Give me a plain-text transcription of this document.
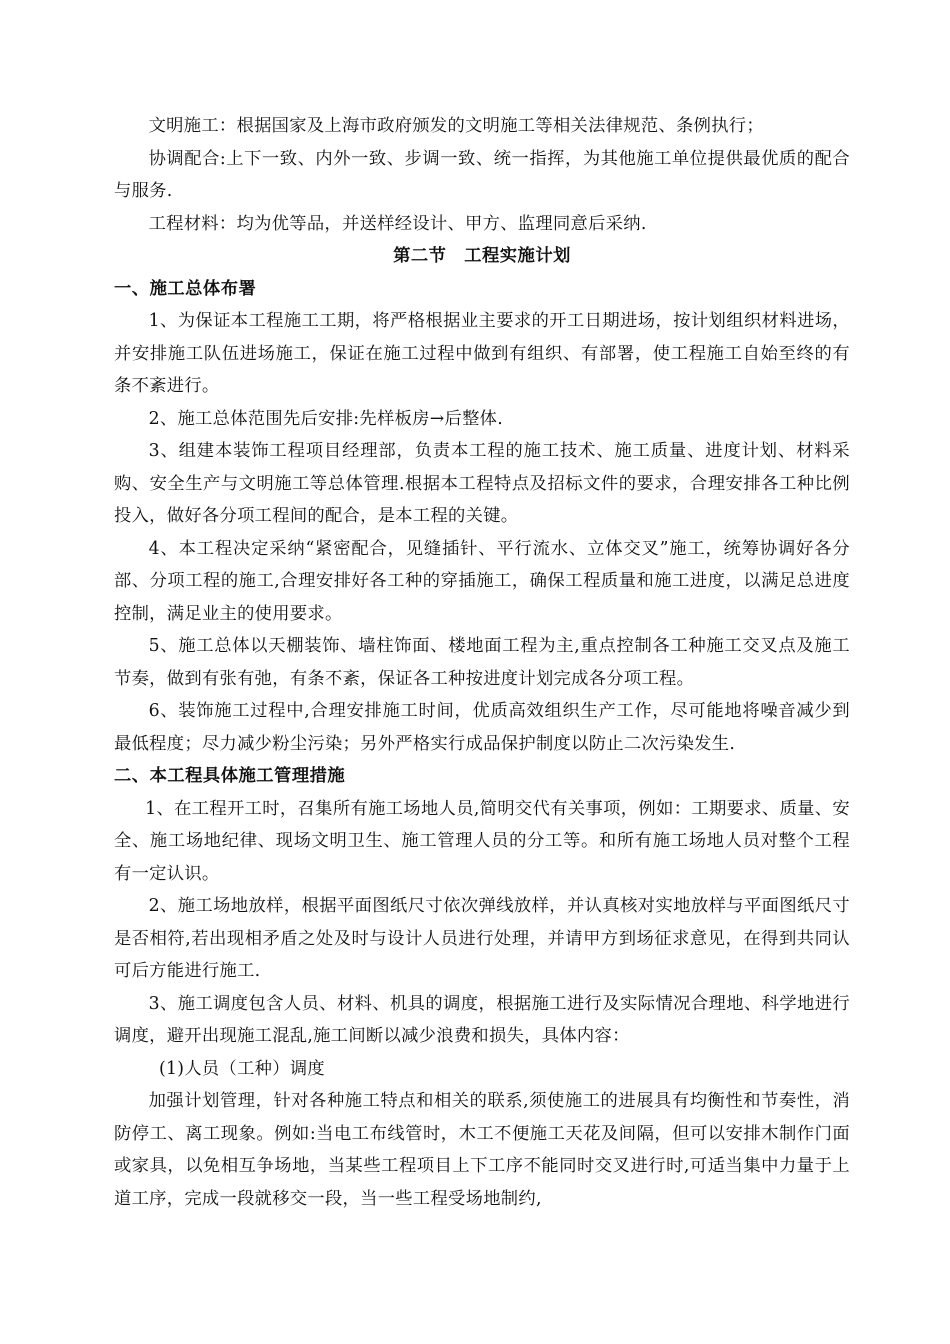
文明施工：根据国家及上海市政府颁发的文明施工等相关法律规范、条例执行；

协调配合:上下一致、内外一致、步调一致、统一指挥，为其他施工单位提供最优质的配合与服务.

工程材料：均为优等品，并送样经设计、甲方、监理同意后采纳.

第二节　工程实施计划

一、施工总体布署

1、为保证本工程施工工期，将严格根据业主要求的开工日期进场，按计划组织材料进场，并安排施工队伍进场施工，保证在施工过程中做到有组织、有部署，使工程施工自始至终的有条不紊进行。

2、施工总体范围先后安排:先样板房→后整体.

3、组建本装饰工程项目经理部，负责本工程的施工技术、施工质量、进度计划、材料采购、安全生产与文明施工等总体管理.根据本工程特点及招标文件的要求，合理安排各工种比例投入，做好各分项工程间的配合，是本工程的关键。

4、本工程决定采纳“紧密配合，见缝插针、平行流水、立体交叉”施工，统筹协调好各分部、分项工程的施工,合理安排好各工种的穿插施工，确保工程质量和施工进度，以满足总进度控制，满足业主的使用要求。

5、施工总体以天棚装饰、墙柱饰面、楼地面工程为主,重点控制各工种施工交叉点及施工节奏，做到有张有弛，有条不紊，保证各工种按进度计划完成各分项工程。

6、装饰施工过程中,合理安排施工时间，优质高效组织生产工作，尽可能地将噪音减少到最低程度；尽力减少粉尘污染；另外严格实行成品保护制度以防止二次污染发生.

二、本工程具体施工管理措施

1、在工程开工时，召集所有施工场地人员,简明交代有关事项，例如：工期要求、质量、安全、施工场地纪律、现场文明卫生、施工管理人员的分工等。和所有施工场地人员对整个工程有一定认识。

2、施工场地放样，根据平面图纸尺寸依次弹线放样，并认真核对实地放样与平面图纸尺寸是否相符,若出现相矛盾之处及时与设计人员进行处理，并请甲方到场征求意见，在得到共同认可后方能进行施工.

3、施工调度包含人员、材料、机具的调度，根据施工进行及实际情况合理地、科学地进行调度，避开出现施工混乱,施工间断以减少浪费和损失，具体内容：

(1)人员（工种）调度

加强计划管理，针对各种施工特点和相关的联系,须使施工的进展具有均衡性和节奏性，消防停工、离工现象。例如:当电工布线管时，木工不便施工天花及间隔，但可以安排木制作门面或家具，以免相互争场地，当某些工程项目上下工序不能同时交叉进行时,可适当集中力量于上道工序，完成一段就移交一段，当一些工程受场地制约,
